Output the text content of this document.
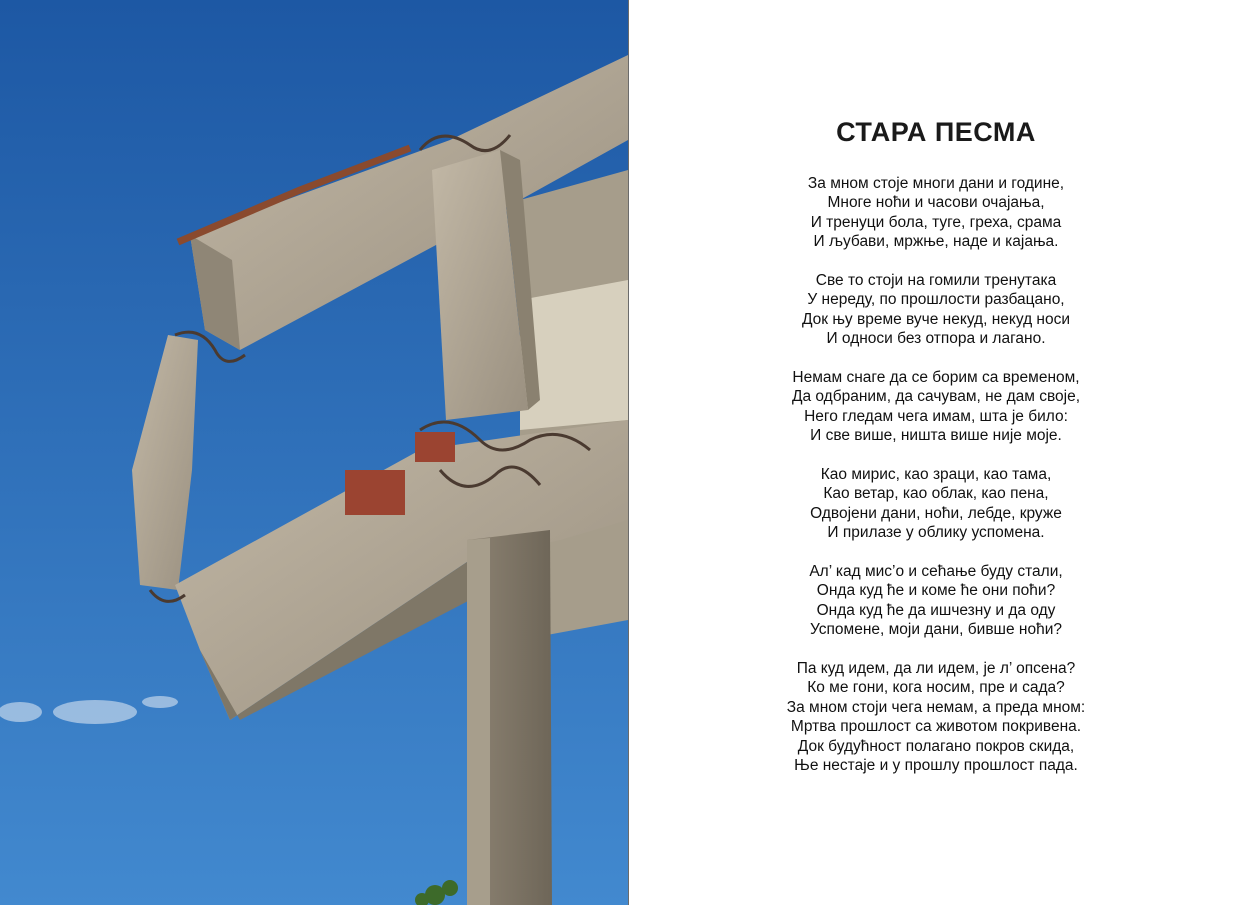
СТАРА ПЕСМА
За мном стоје многи дани и године,
Многе ноћи и часови очајања,
И тренуци бола, туге, греха, срама
И љубави, мржње, наде и кајања.
Све то стоји на гомили тренутака
У нереду, по прошлости разбацано,
Док њу време вуче некуд, некуд носи
И односи без отпора и лагано.
Немам снаге да се борим са временом,
Да одбраним, да сачувам, не дам своје,
Него гледам чега имам, шта је било:
И све више, ништа више није моје.
Као мирис, као зраци, као тама,
Као ветар, као облак, као пена,
Одвојени дани, ноћи, лебде, круже
И прилазе у облику успомена.
Ал’ кад мис’о и сећање буду стали,
Онда куд ће и коме ће они поћи?
Онда куд ће да ишчезну и да оду
Успомене, моји дани, бивше ноћи?
Па куд идем, да ли идем, је л’ опсена?
Ко ме гони, кога носим, пре и сада?
За мном стоји чега немам, а преда мном:
Мртва прошлост са животом покривена.
Док будућност полагано покров скида,
Ње нестаје и у прошлу прошлост пада.
